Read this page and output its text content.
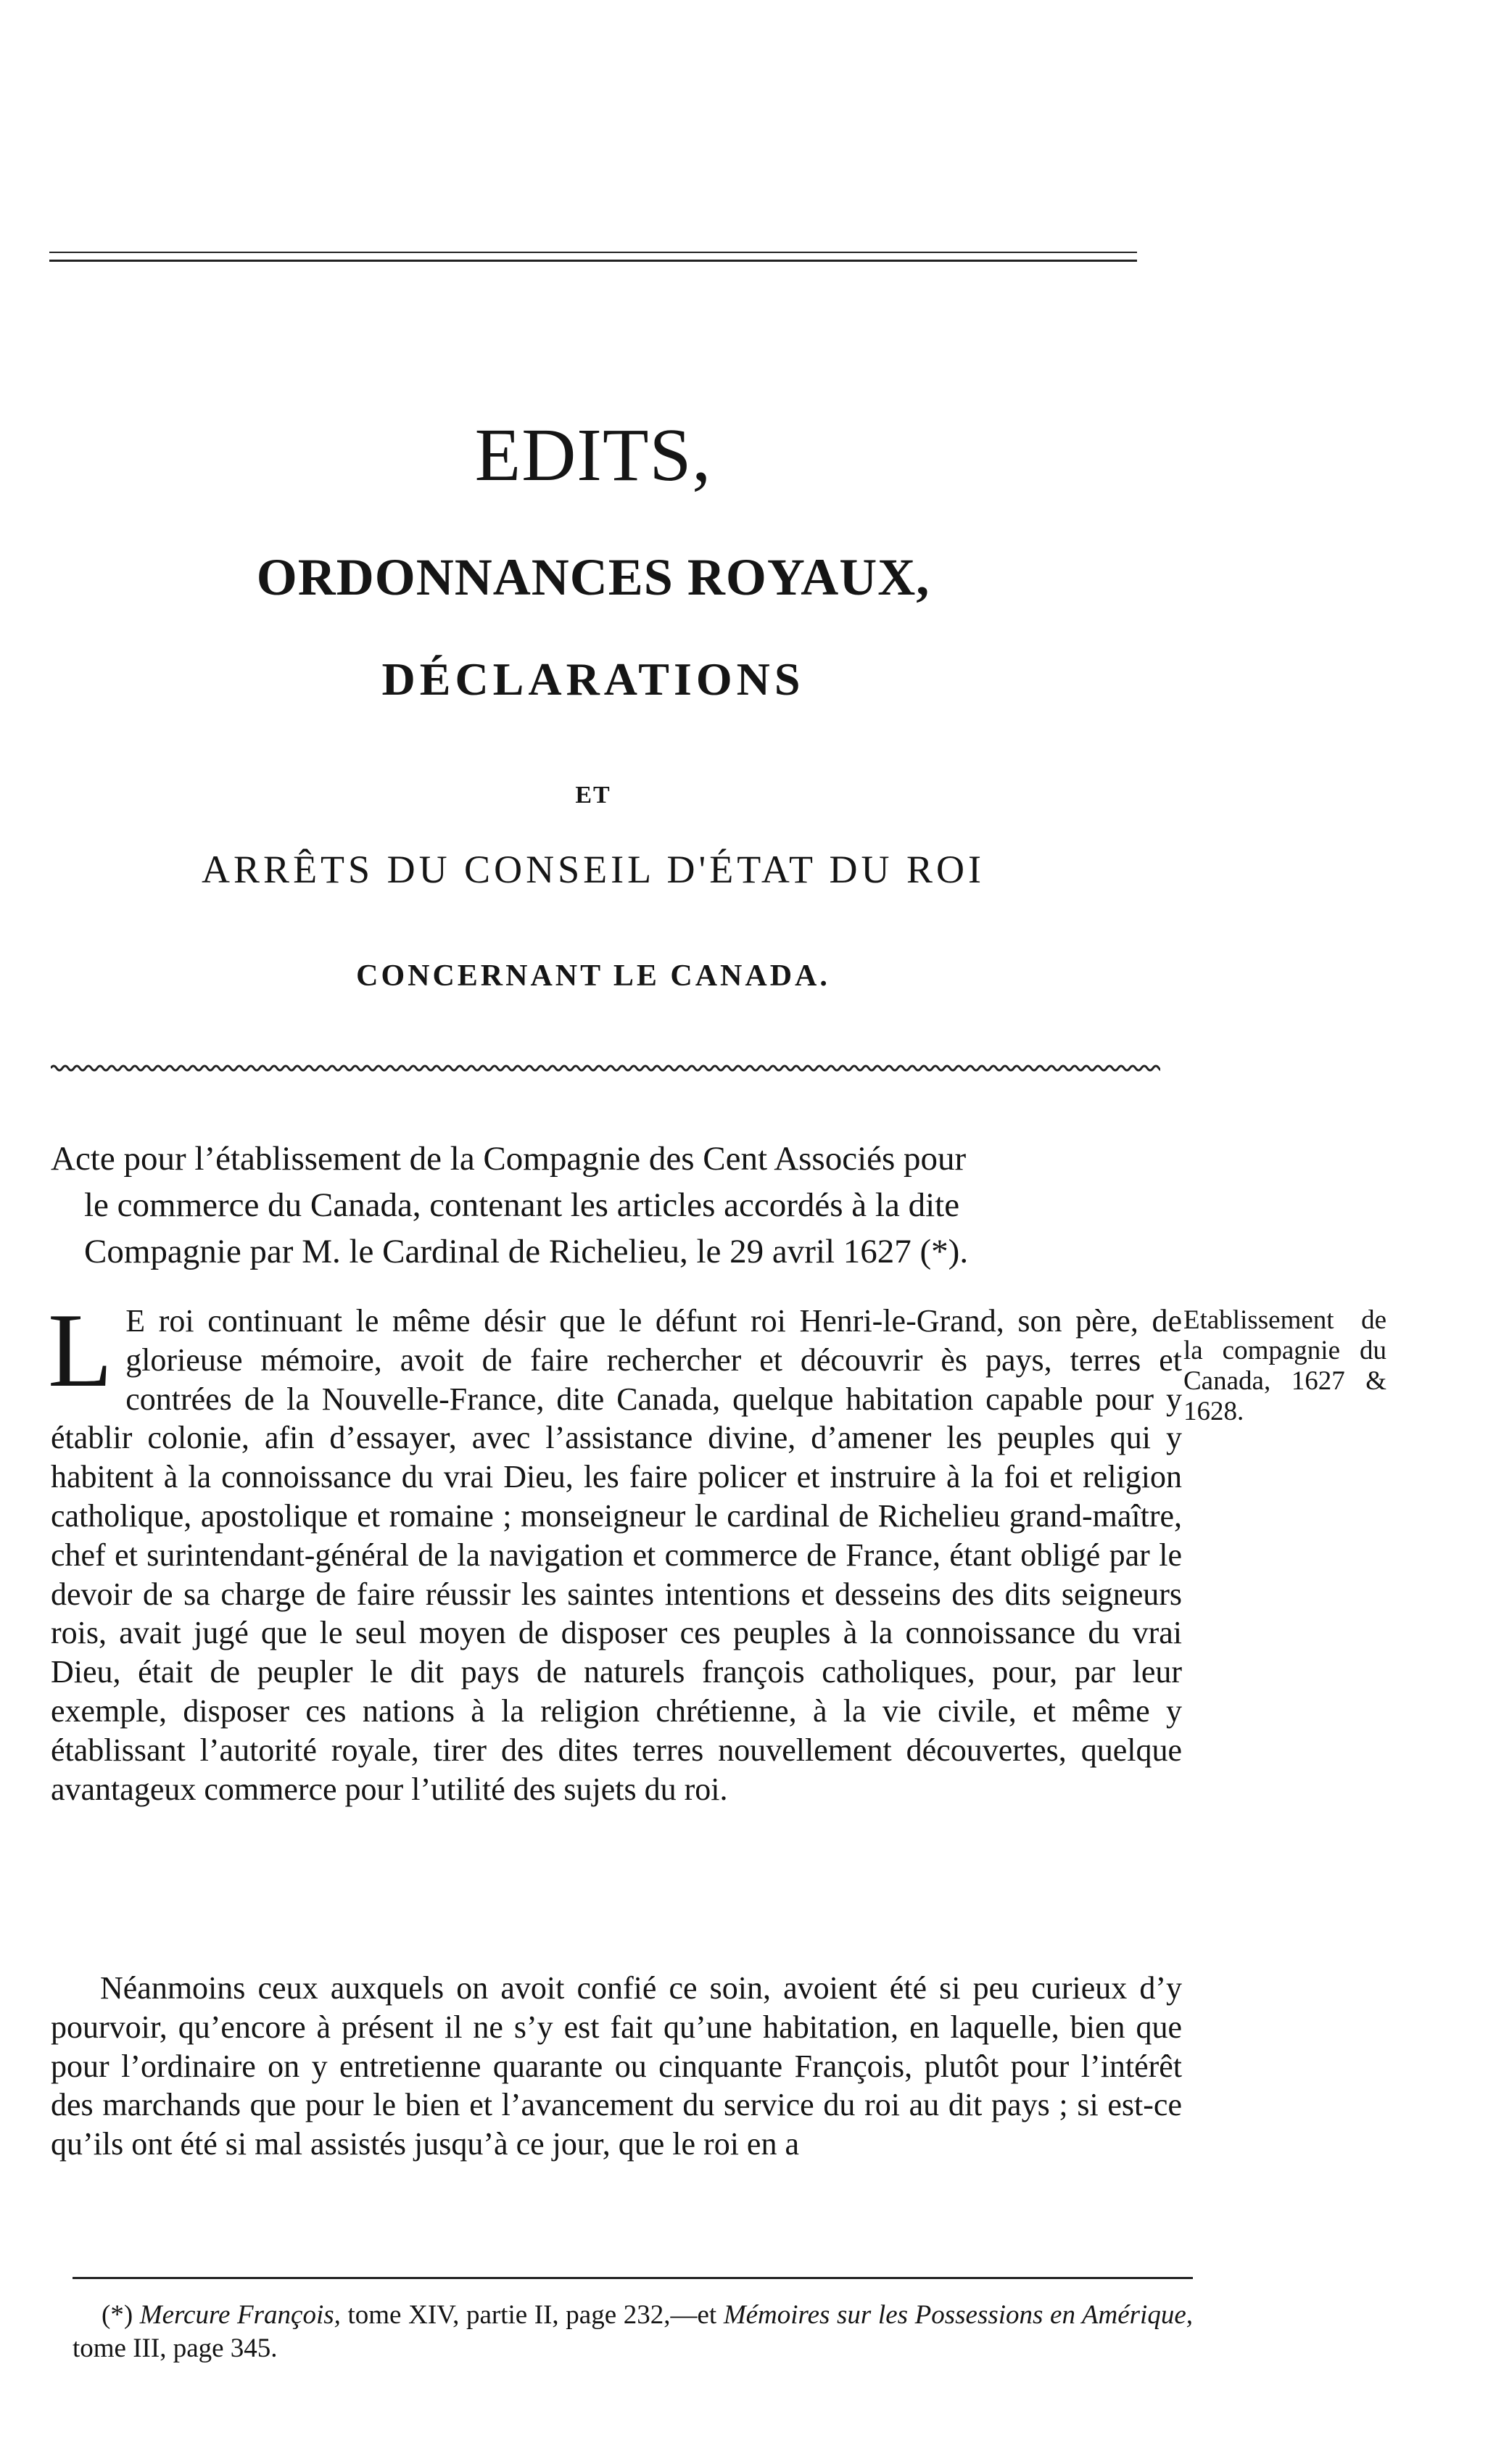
EDITS,
ORDONNANCES ROYAUX,
DÉCLARATIONS
ET
ARRÊTS DU CONSEIL D'ÉTAT DU ROI
CONCERNANT LE CANADA.
Acte pour l’établissement de la Compagnie des Cent Associés pour
le commerce du Canada, contenant les articles accordés à la dite
Compagnie par M. le Cardinal de Richelieu, le 29 avril 1627 (*).
L E roi continuant le même désir que le défunt roi Henri-le-Grand, son père, de glorieuse mémoire, avoit de faire rechercher et découvrir ès pays, terres et contrées de la Nouvelle-France, dite Canada, quelque habitation capable pour y établir colonie, afin d’essayer, avec l’assistance divine, d’amener les peuples qui y habitent à la connoissance du vrai Dieu, les faire policer et instruire à la foi et religion catholique, apostolique et romaine ; monseigneur le cardinal de Richelieu grand-maître, chef et surintendant-général de la navigation et commerce de France, étant obligé par le devoir de sa charge de faire réussir les saintes intentions et desseins des dits seigneurs rois, avait jugé que le seul moyen de disposer ces peuples à la connoissance du vrai Dieu, était de peupler le dit pays de naturels françois catholiques, pour, par leur exemple, disposer ces nations à la religion chrétienne, à la vie civile, et même y établissant l’autorité royale, tirer des dites terres nouvellement découvertes, quelque avantageux commerce pour l’utilité des sujets du roi.
Etablissement de la compagnie du Canada, 1627 & 1628.
Néanmoins ceux auxquels on avoit confié ce soin, avoient été si peu curieux d’y pourvoir, qu’encore à présent il ne s’y est fait qu’une habitation, en laquelle, bien que pour l’ordinaire on y entretienne quarante ou cinquante François, plutôt pour l’intérêt des marchands que pour le bien et l’avancement du service du roi au dit pays ; si est-ce qu’ils ont été si mal assistés jusqu’à ce jour, que le roi en a
(*) Mercure François, tome XIV, partie II, page 232,—et Mémoires sur les Possessions en Amérique, tome III, page 345.
